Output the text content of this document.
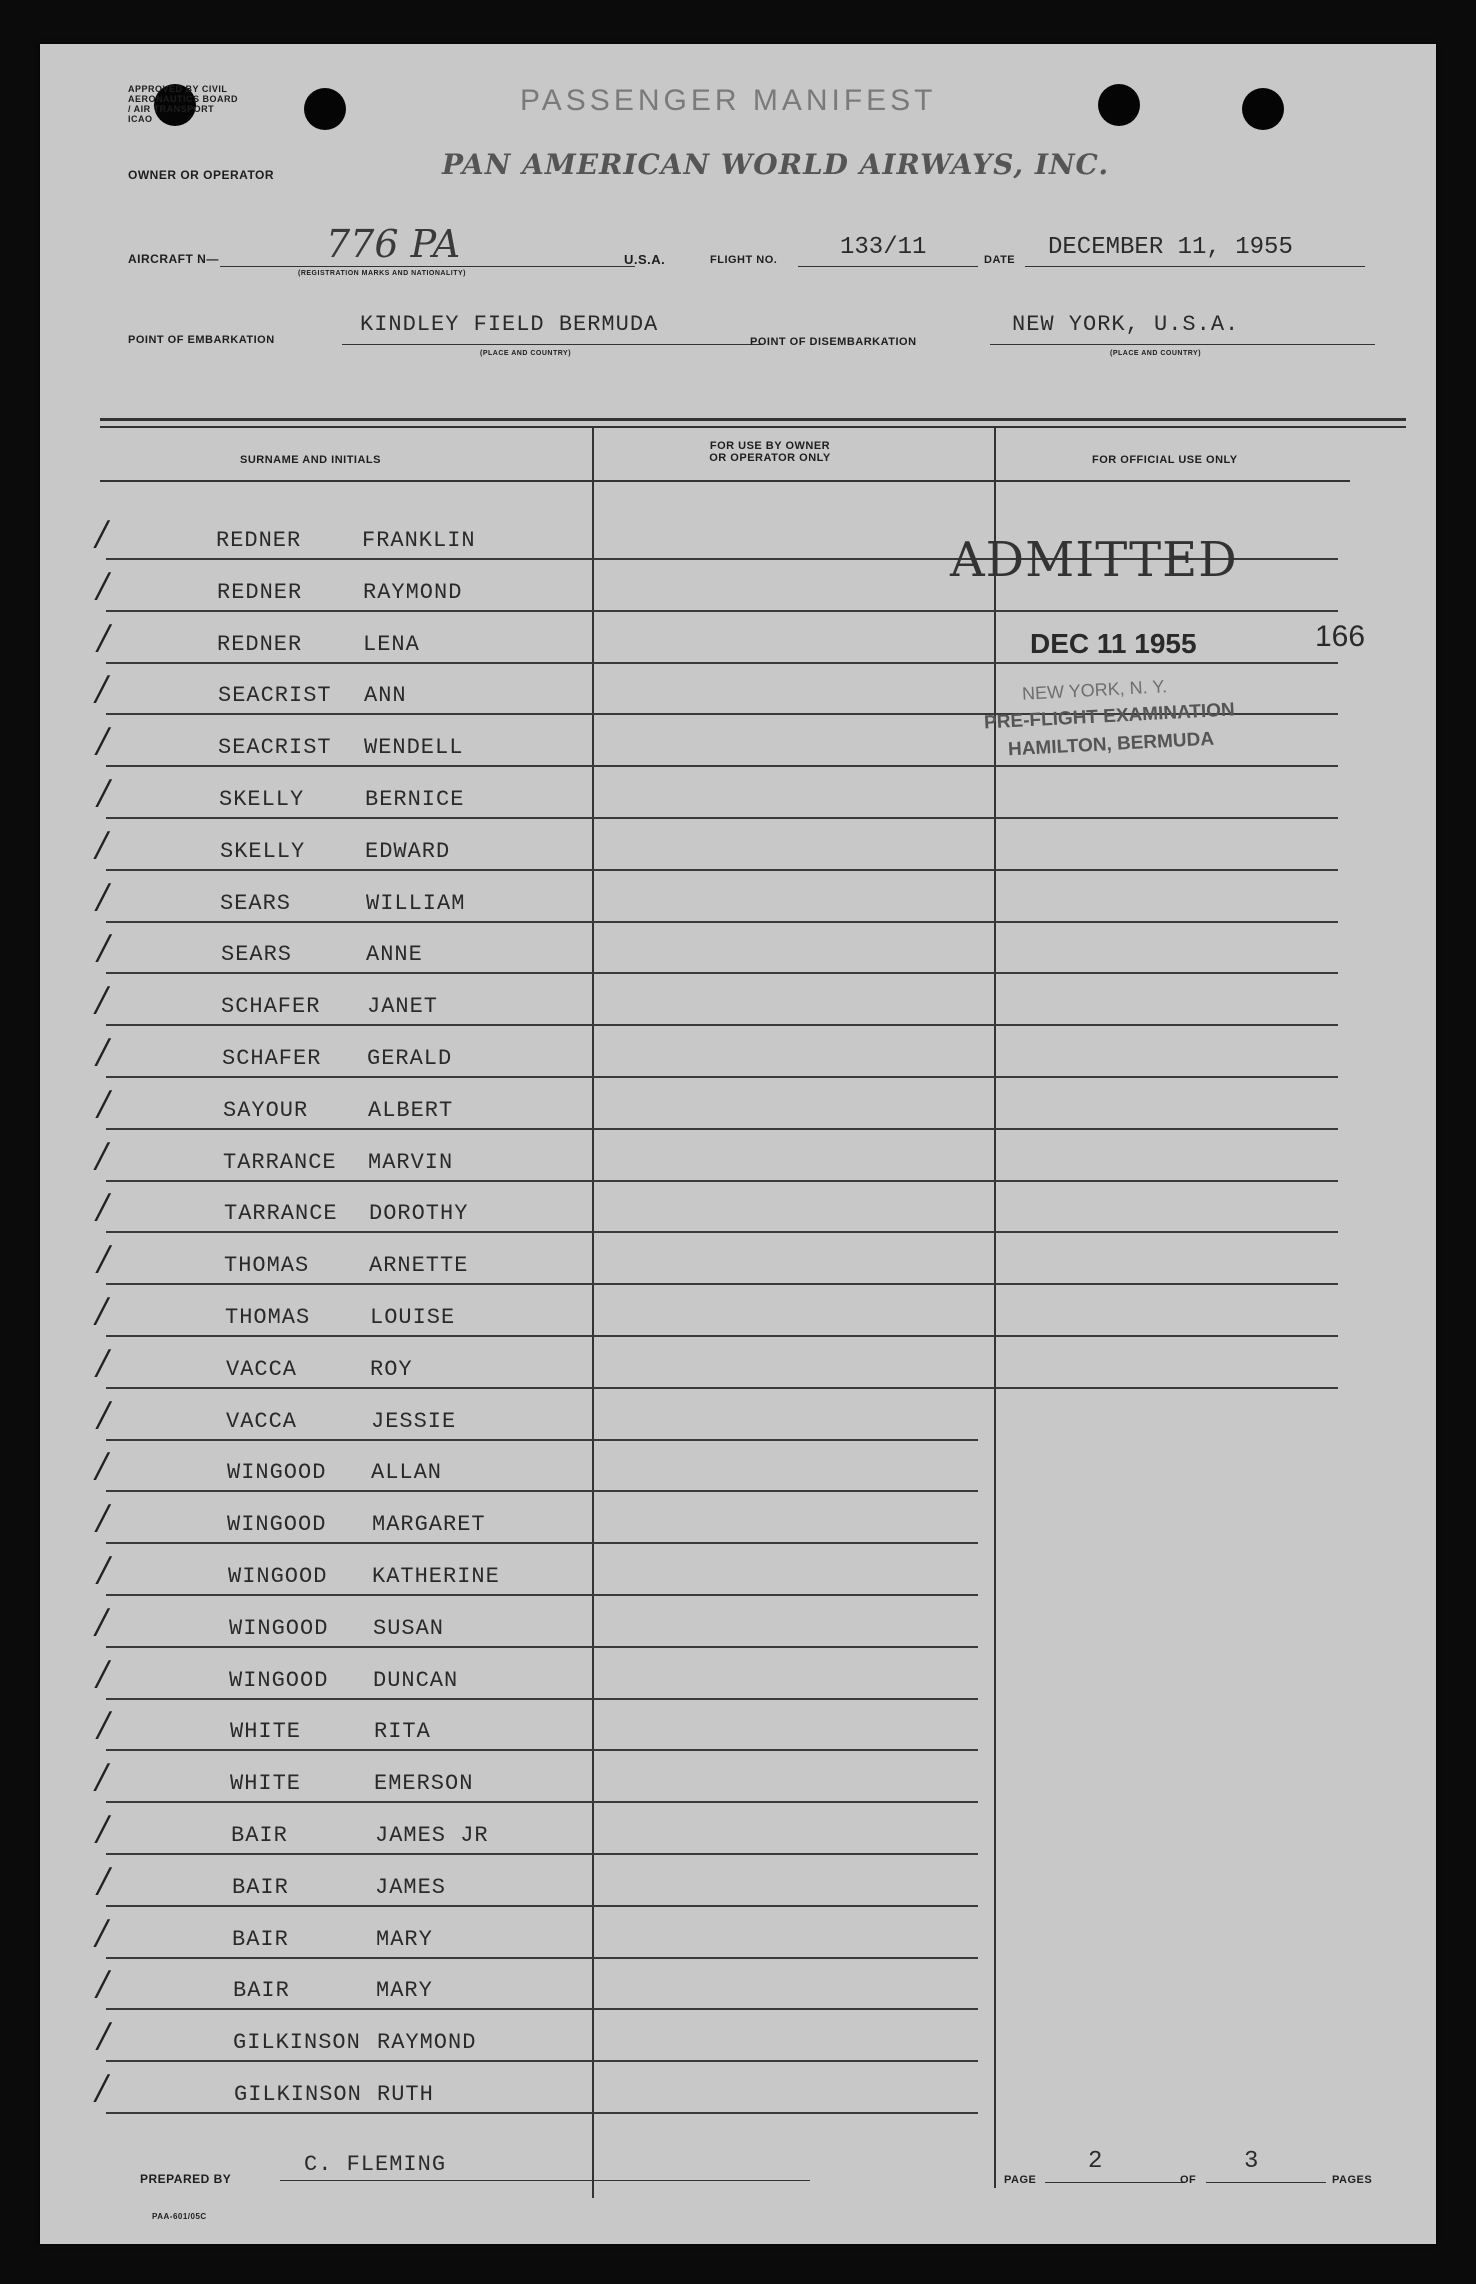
APPROVED BY CIVIL AERONAUTICS BOARD / AIR TRANSPORT ICAO
PASSENGER MANIFEST
OWNER OR OPERATOR	PAN AMERICAN WORLD AIRWAYS, INC.
AIRCRAFT N—	776 PA
(REGISTRATION MARKS AND NATIONALITY)
U.S.A.	FLIGHT NO.	133/11	DATE DECEMBER 11, 1955
POINT OF EMBARKATION
KINDLEY FIELD BERMUDA
(PLACE AND COUNTRY)
POINT OF DISEMBARKATION
NEW YORK, U.S.A.
(PLACE AND COUNTRY)
SURNAME AND INITIALS
FOR USE BY OWNER OR OPERATOR ONLY	FOR OFFICIAL USE ONLY
/	REDNER	FRANKLIN
/	REDNER	RAYMOND
/	REDNER	LENA
/	SEACRIST ANN
/	SEACRIST WENDELL
/	SKELLY	BERNICE
/	SKELLY	EDWARD
/	SEARS	WILLIAM
/	SEARS	ANNE
/	SCHAFER JANET
/	SCHAFER GERALD
/	SAYOUR	ALBERT
/	TARRANCE MARVIN
/	TARRANCE DOROTHY
/	THOMAS	ARNETTE
/	THOMAS	LOUISE
/	VACCA	ROY
/	VACCA	JESSIE
/	WINGOOD ALLAN
/	WINGOOD MARGARET
/	WINGOOD KATHERINE
/	WINGOOD SUSAN
/	WINGOOD DUNCAN
/	WHITE	RITA
/	WHITE	EMERSON
/	BAIR	JAMES JR
/	BAIR	JAMES
/	BAIR	MARY
/	BAIR	MARY
/	GILKINSON RAYMOND
/	GILKINSON RUTH
ADMITTED
DEC 11 1955	166
NEW YORK, N. Y.
PRE-FLIGHT EXAMINATION
HAMILTON, BERMUDA
PREPARED BY
C. FLEMING
PAGE
2
OF
3
PAGES
PAA-601/05C
